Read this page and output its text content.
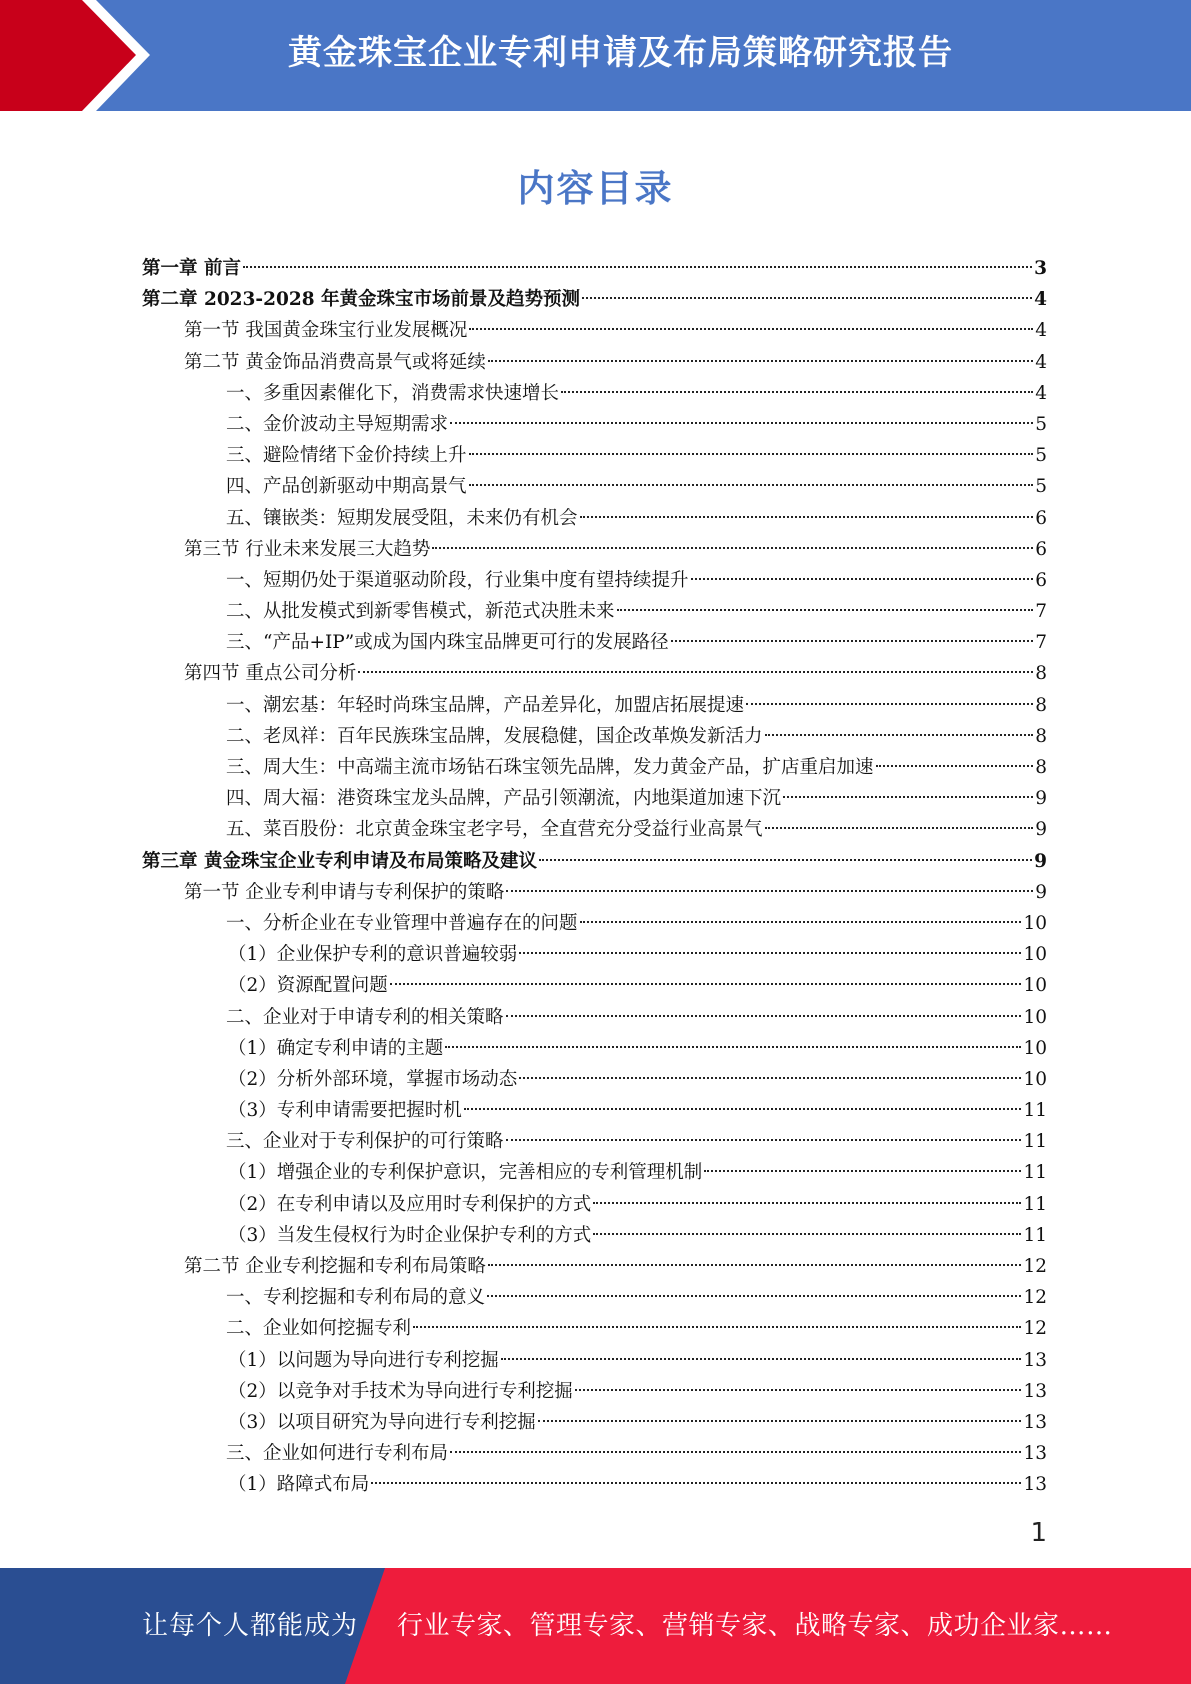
黄金珠宝企业专利申请及布局策略研究报告
内容目录
第一章 前言	3
第二章 2023-2028 年黄金珠宝市场前景及趋势预测	4
第一节 我国黄金珠宝行业发展概况	4
第二节 黄金饰品消费高景气或将延续	4
一、多重因素催化下，消费需求快速增长	4
二、金价波动主导短期需求	5
三、避险情绪下金价持续上升	5
四、产品创新驱动中期高景气	5
五、镶嵌类：短期发展受阻，未来仍有机会	6
第三节 行业未来发展三大趋势	6
一、短期仍处于渠道驱动阶段，行业集中度有望持续提升	6
二、从批发模式到新零售模式，新范式决胜未来	7
三、“产品+IP”或成为国内珠宝品牌更可行的发展路径	7
第四节 重点公司分析	8
一、潮宏基：年轻时尚珠宝品牌，产品差异化，加盟店拓展提速	8
二、老凤祥：百年民族珠宝品牌，发展稳健，国企改革焕发新活力	8
三、周大生：中高端主流市场钻石珠宝领先品牌，发力黄金产品，扩店重启加速	8
四、周大福：港资珠宝龙头品牌，产品引领潮流，内地渠道加速下沉	9
五、菜百股份：北京黄金珠宝老字号，全直营充分受益行业高景气	9
第三章 黄金珠宝企业专利申请及布局策略及建议	9
第一节 企业专利申请与专利保护的策略	9
一、分析企业在专业管理中普遍存在的问题	10
（1）企业保护专利的意识普遍较弱	10
（2）资源配置问题	10
二、企业对于申请专利的相关策略	10
（1）确定专利申请的主题	10
（2）分析外部环境，掌握市场动态	10
（3）专利申请需要把握时机	11
三、企业对于专利保护的可行策略	11
（1）增强企业的专利保护意识，完善相应的专利管理机制	11
（2）在专利申请以及应用时专利保护的方式	11
（3）当发生侵权行为时企业保护专利的方式	11
第二节 企业专利挖掘和专利布局策略	12
一、专利挖掘和专利布局的意义	12
二、企业如何挖掘专利	12
（1）以问题为导向进行专利挖掘	13
（2）以竞争对手技术为导向进行专利挖掘	13
（3）以项目研究为导向进行专利挖掘	13
三、企业如何进行专利布局	13
（1）路障式布局	13

1

让每个人都能成为 行业专家、管理专家、营销专家、战略专家、成功企业家……
